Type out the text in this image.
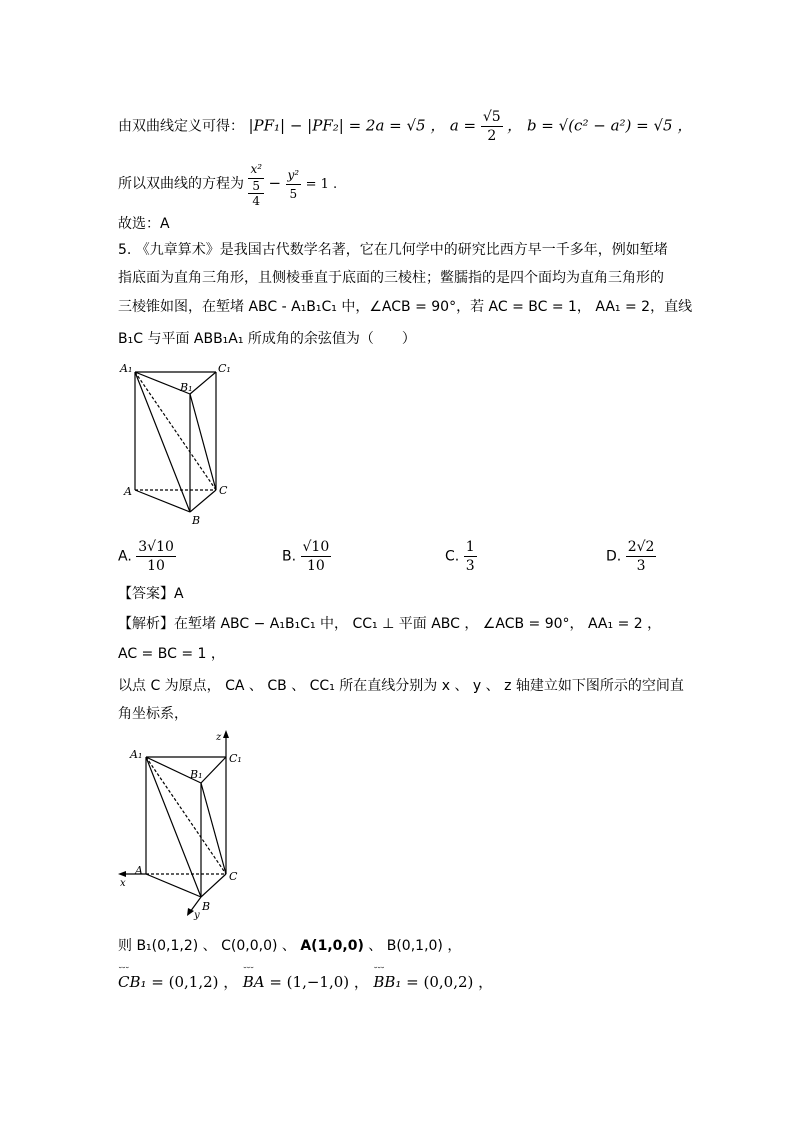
由双曲线定义可得： |PF₁| − |PF₂| = 2a = √5 ， $a = \frac{√5}{2}$ ， b = √(c² − a²) = √5 ，
所以双曲线的方程为 x²
5
$4 - \frac{\text{y²}}{5} = 1$ .
故选：A
5. 《九章算术》是我国古代数学名著，它在几何学中的研究比西方早一千多年，例如堑堵
指底面为直角三角形，且侧棱垂直于底面的三棱柱；鳖臑指的是四个面均为直角三角形的
三棱锥如图，在堑堵 ABC - A₁B₁C₁ 中，∠ACB = 90°，若 AC = BC = 1， AA₁ = 2，直线
B₁C 与平面 ABB₁A₁ 所成角的余弦值为（　　）
A₁
B₁
C₁
A
B
C
A. $\frac{3√10}{10}$	B. $\frac{√10}{10}$	C. $\frac{1}{3}$	D. $\frac{2√2}{3}$
【答案】A
【解析】在堑堵 ABC − A₁B₁C₁ 中， CC₁ ⊥ 平面 ABC ， ∠ACB = 90°， AA₁ = 2 ，
AC = BC = 1 ，
以点 C 为原点， CA 、 CB 、 CC₁ 所在直线分别为 x 、 y 、 z 轴建立如下图所示的空间直
角坐标系，
z
x
y
A₁
B₁
C₁
A
B
C
则 B₁(0,1,2) 、 C(0,0,0) 、 A(1,0,0) 、 B(0,1,0) ，
˘˘˘ CB₁ = (0,1,2) ， ˘˘˘ BA = (1,−1,0) ， ˘˘˘ BB₁ = (0,0,2) ，
